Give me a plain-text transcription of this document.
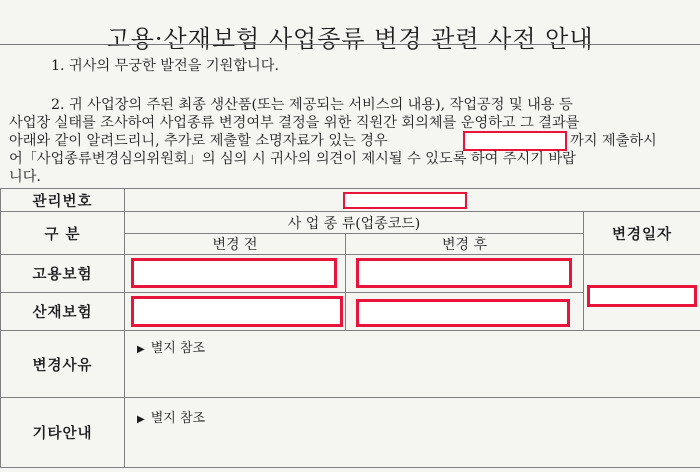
고용·산재보험 사업종류 변경 관련 사전 안내
1. 귀사의 무궁한 발전을 기원합니다.
2. 귀 사업장의 주된 최종 생산품(또는 제공되는 서비스의 내용), 작업공정 및 내용 등
사업장 실태를 조사하여 사업종류 변경여부 결정을 위한 직원간 회의체를 운영하고 그 결과를
아래와 같이 알려드리니, 추가로 제출할 소명자료가 있는 경우	까지 제출하시
어「사업종류변경심의위원회」의 심의 시 귀사의 의견이 제시될 수 있도록 하여 주시기 바랍
니다.
관리번호			

구 분	사 업 종 류(업종코드)		변경일자
	변경 전	변경 후	
고용보험	

산재보험		

변경사유	▶ 별지 참조		

기타안내	▶ 별지 참조		
